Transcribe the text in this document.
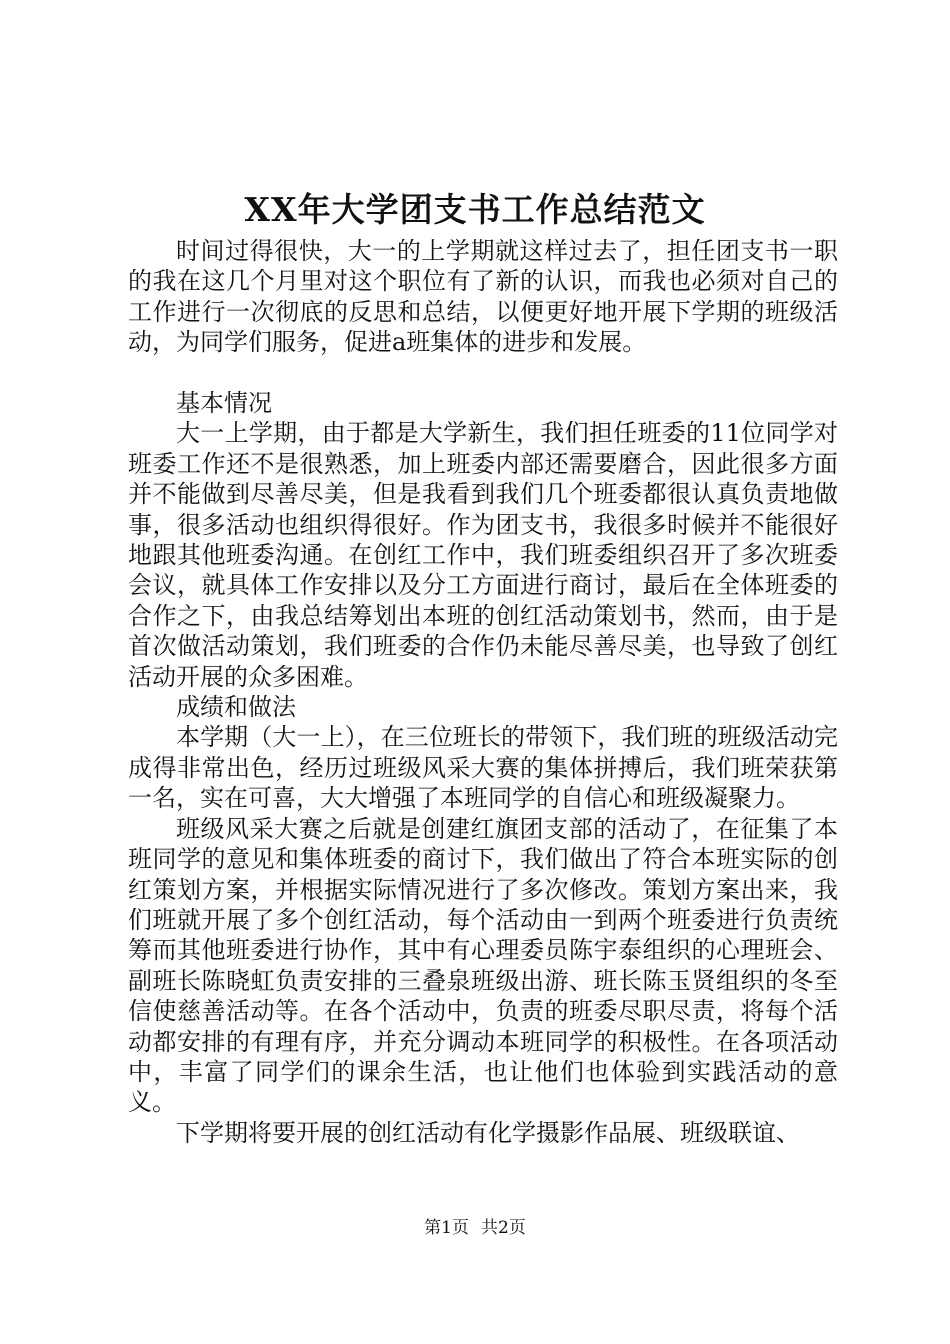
XX年大学团支书工作总结范文

时间过得很快，大一的上学期就这样过去了，担任团支书一职的我在这几个月里对这个职位有了新的认识，而我也必须对自己的工作进行一次彻底的反思和总结，以便更好地开展下学期的班级活动，为同学们服务，促进a班集体的进步和发展。

基本情况

大一上学期，由于都是大学新生，我们担任班委的11位同学对班委工作还不是很熟悉，加上班委内部还需要磨合，因此很多方面并不能做到尽善尽美，但是我看到我们几个班委都很认真负责地做事，很多活动也组织得很好。作为团支书，我很多时候并不能很好地跟其他班委沟通。在创红工作中，我们班委组织召开了多次班委会议，就具体工作安排以及分工方面进行商讨，最后在全体班委的合作之下，由我总结筹划出本班的创红活动策划书，然而，由于是首次做活动策划，我们班委的合作仍未能尽善尽美，也导致了创红活动开展的众多困难。

成绩和做法

本学期（大一上），在三位班长的带领下，我们班的班级活动完成得非常出色，经历过班级风采大赛的集体拼搏后，我们班荣获第一名，实在可喜，大大增强了本班同学的自信心和班级凝聚力。

班级风采大赛之后就是创建红旗团支部的活动了，在征集了本班同学的意见和集体班委的商讨下，我们做出了符合本班实际的创红策划方案，并根据实际情况进行了多次修改。策划方案出来，我们班就开展了多个创红活动，每个活动由一到两个班委进行负责统筹而其他班委进行协作，其中有心理委员陈宇泰组织的心理班会、副班长陈晓虹负责安排的三叠泉班级出游、班长陈玉贤组织的冬至信使慈善活动等。在各个活动中，负责的班委尽职尽责，将每个活动都安排的有理有序，并充分调动本班同学的积极性。在各项活动中，丰富了同学们的课余生活，也让他们也体验到实践活动的意义。

下学期将要开展的创红活动有化学摄影作品展、班级联谊、

第1页 共2页
